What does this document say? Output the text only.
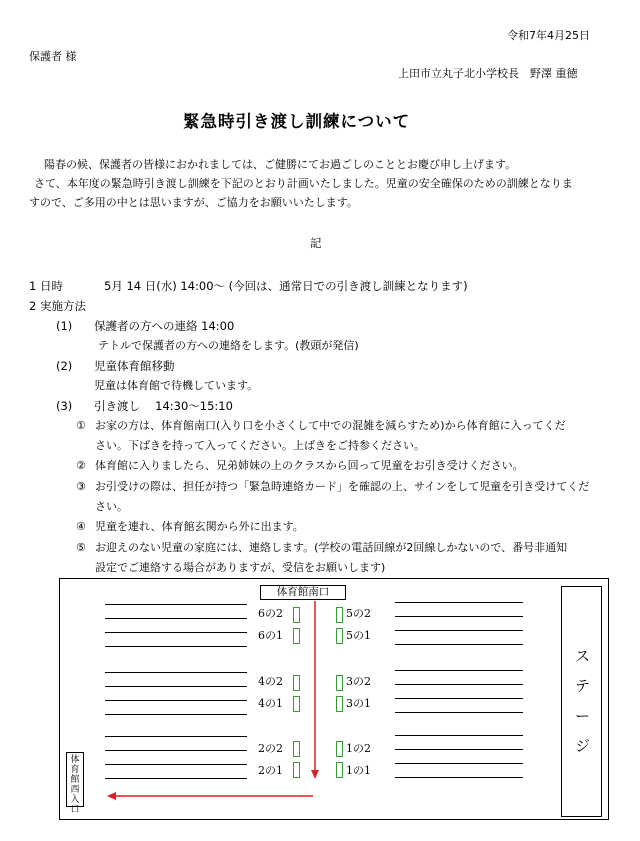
令和7年4月25日
保護者 様
上田市立丸子北小学校長　野澤 重徳
緊急時引き渡し訓練について
陽春の候、保護者の皆様におかれましては、ご健勝にてお過ごしのこととお慶び申し上げます。
さて、本年度の緊急時引き渡し訓練を下記のとおり計画いたしました。児童の安全確保のための訓練となりま
すので、ご多用の中とは思いますが、ご協力をお願いいたします。
記
1 日時	5月 14 日(水) 14:00～ (今回は、通常日での引き渡し訓練となります)
2 実施方法
(1) 保護者の方への連絡 14:00
テトルで保護者の方への連絡をします。(教頭が発信)
(2) 児童体育館移動
児童は体育館で待機しています。
(3) 引き渡し　 14:30～15:10
① お家の方は、体育館南口(入り口を小さくして中での混雑を減らすため)から体育館に入ってくだ
さい。下ばきを持って入ってください。上ばきをご持参ください。
② 体育館に入りましたら、兄弟姉妹の上のクラスから回って児童をお引き受けください。
③ お引受けの際は、担任が持つ「緊急時連絡カード」を確認の上、サインをして児童を引き受けてくだ
さい。
④ 児童を連れ、体育館玄関から外に出ます。
⑤ お迎えのない児童の家庭には、連絡します。(学校の電話回線が2回線しかないので、番号非通知
設定でご連絡する場合がありますが、受信をお願いします)
体育館南口
6の2
6の1
4の2
4の1
2の2
2の1
5の2
5の1
3の2
3の1
1の2
1の1
体育館西入口
ス
テ
ー
ジ
